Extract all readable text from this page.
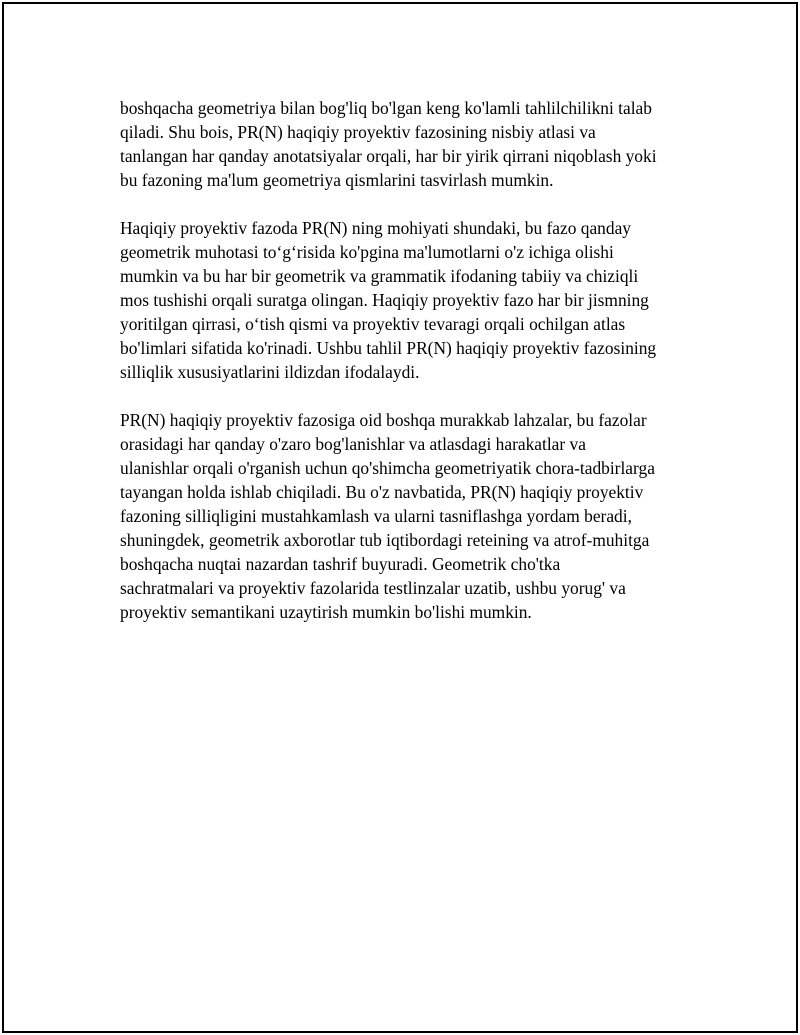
boshqacha geometriya bilan bog'liq bo'lgan keng ko'lamli tahlilchilikni talab
qiladi. Shu bois, PR(N) haqiqiy proyektiv fazosining nisbiy atlasi va
tanlangan har qanday anotatsiyalar orqali, har bir yirik qirrani niqoblash yoki
bu fazoning ma'lum geometriya qismlarini tasvirlash mumkin.

Haqiqiy proyektiv fazoda PR(N) ning mohiyati shundaki, bu fazo qanday
geometrik muhotasi to‘g‘risida ko'pgina ma'lumotlarni o'z ichiga olishi
mumkin va bu har bir geometrik va grammatik ifodaning tabiiy va chiziqli
mos tushishi orqali suratga olingan. Haqiqiy proyektiv fazo har bir jismning
yoritilgan qirrasi, o‘tish qismi va proyektiv tevaragi orqali ochilgan atlas
bo'limlari sifatida ko'rinadi. Ushbu tahlil PR(N) haqiqiy proyektiv fazosining
silliqlik xususiyatlarini ildizdan ifodalaydi.

PR(N) haqiqiy proyektiv fazosiga oid boshqa murakkab lahzalar, bu fazolar
orasidagi har qanday o'zaro bog'lanishlar va atlasdagi harakatlar va
ulanishlar orqali o'rganish uchun qo'shimcha geometriyatik chora-tadbirlarga
tayangan holda ishlab chiqiladi. Bu o'z navbatida, PR(N) haqiqiy proyektiv
fazoning silliqligini mustahkamlash va ularni tasniflashga yordam beradi,
shuningdek, geometrik axborotlar tub iqtibordagi reteining va atrof-muhitga
boshqacha nuqtai nazardan tashrif buyuradi. Geometrik cho'tka
sachratmalari va proyektiv fazolarida testlinzalar uzatib, ushbu yorug' va
proyektiv semantikani uzaytirish mumkin bo'lishi mumkin.
